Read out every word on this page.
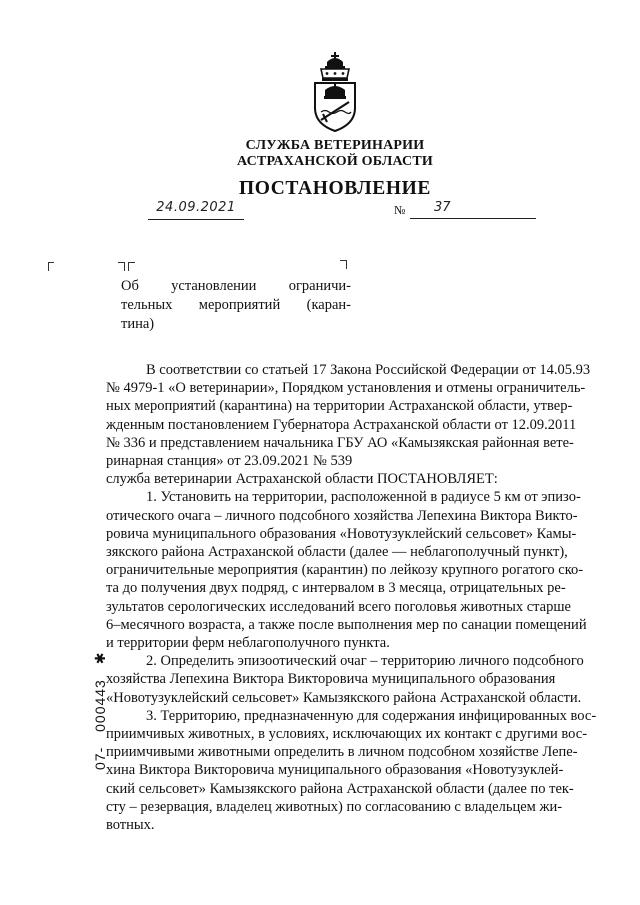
СЛУЖБА ВЕТЕРИНАРИИ
АСТРАХАНСКОЙ ОБЛАСТИ
ПОСТАНОВЛЕНИЕ
24.09.2021	№	37
Об установлении ограничи-
тельных мероприятий (каран-
тина)
В соответствии со статьей 17 Закона Российской Федерации от 14.05.93
№ 4979-1 «О ветеринарии», Порядком установления и отмены ограничитель-
ных мероприятий (карантина) на территории Астраханской области, утвер-
жденным постановлением Губернатора Астраханской области от 12.09.2011
№ 336 и представлением начальника ГБУ АО «Камызякская районная вете-
ринарная станция» от 23.09.2021 № 539
служба ветеринарии Астраханской области ПОСТАНОВЛЯЕТ:
1. Установить на территории, расположенной в радиусе 5 км от эпизо-
отического очага – личного подсобного хозяйства Лепехина Виктора Викто-
ровича муниципального образования «Новотузуклейский сельсовет» Камы-
зякского района Астраханской области (далее — неблагополучный пункт),
ограничительные мероприятия (карантин) по лейкозу крупного рогатого ско-
та до получения двух подряд, с интервалом в 3 месяца, отрицательных ре-
зультатов серологических исследований всего поголовья животных старше
6–месячного возраста, а также после выполнения мер по санации помещений
и территории ферм неблагополучного пункта.
2. Определить эпизоотический очаг – территорию личного подсобного
хозяйства Лепехина Виктора Викторовича муниципального образования
«Новотузуклейский сельсовет» Камызякского района Астраханской области.
3. Территорию, предназначенную для содержания инфицированных вос-
приимчивых животных, в условиях, исключающих их контакт с другими вос-
приимчивыми животными определить в личном подсобном хозяйстве Лепе-
хина Виктора Викторовича муниципального образования «Новотузуклей-
ский сельсовет» Камызякского района Астраханской области (далее по тек-
сту – резервация, владелец животных) по согласованию с владельцем жи-
вотных.
07- 000443 ✱
